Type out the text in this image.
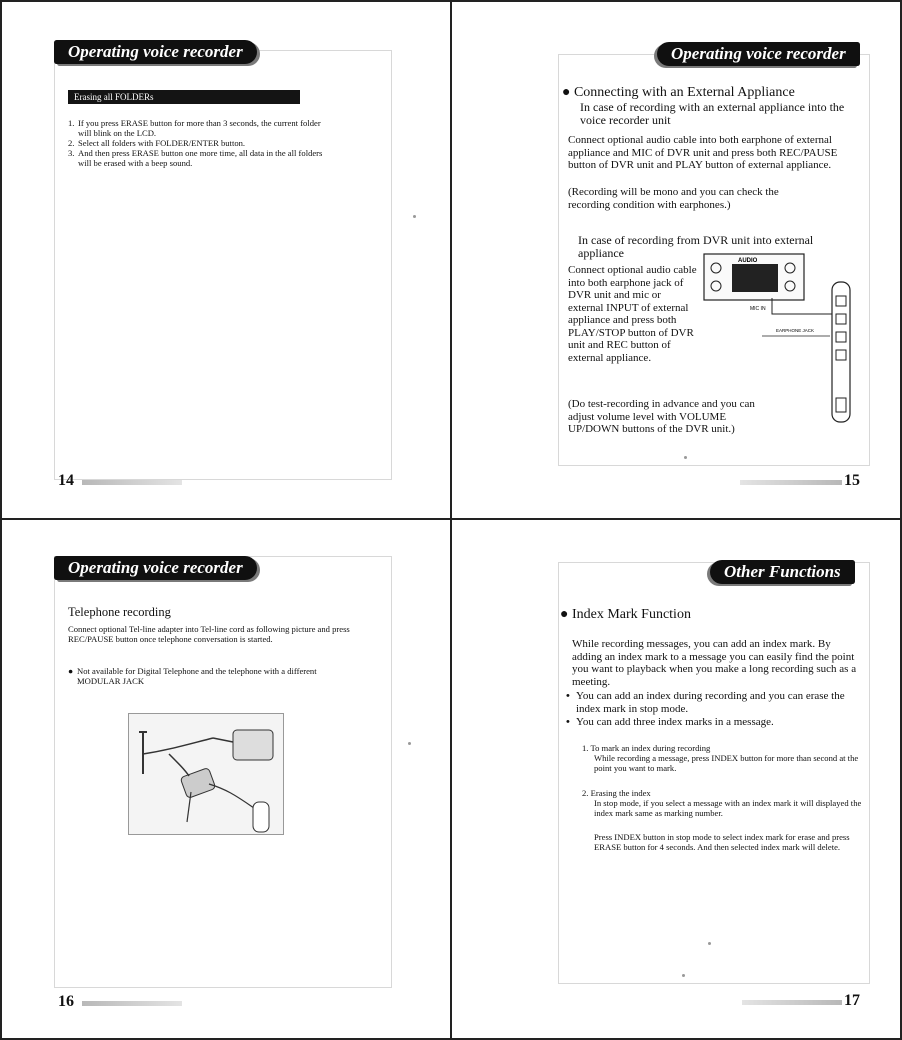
Operating voice recorder
Erasing all FOLDERs
1. If you press ERASE button for more than 3 seconds, the current folder will blink on the LCD.
2. Select all folders with FOLDER/ENTER button.
3. And then press ERASE button one more time, all data in the all folders will be erased with a beep sound.
14
Operating voice recorder
● Connecting with an External Appliance
In case of recording with an external appliance into the voice recorder unit
Connect optional audio cable into both earphone of external appliance and MIC of DVR unit and press both REC/PAUSE button of DVR unit and PLAY button of external appliance.
(Recording will be mono and you can check the recording condition with earphones.)
In case of recording from DVR unit into external appliance
Connect optional audio cable into both earphone jack of DVR unit and mic or external INPUT of external appliance and press both PLAY/STOP button of DVR unit and REC button of external appliance.
AUDIO
MIC IN
EARPHONE JACK
(Do test-recording in advance and you can adjust volume level with VOLUME UP/DOWN buttons of the DVR unit.)
15
Operating voice recorder
Telephone recording
Connect optional Tel-line adapter into Tel-line cord as following picture and press REC/PAUSE button once telephone conversation is started.
● Not available for Digital Telephone and the telephone with a different MODULAR JACK
16
Other Functions
● Index Mark Function
While recording messages, you can add an index mark. By adding an index mark to a message you can easily find the point you want to playback when you make a long recording such as a meeting.
• You can add an index during recording and you can erase the index mark in stop mode.
• You can add three index marks in a message.
1. To mark an index during recording
While recording a message, press INDEX button for more than second at the point you want to mark.
2. Erasing the index
In stop mode, if you select a message with an index mark it will displayed the index mark same as marking number.
Press INDEX button in stop mode to select index mark for erase and press ERASE button for 4 seconds. And then selected index mark will delete.
17
